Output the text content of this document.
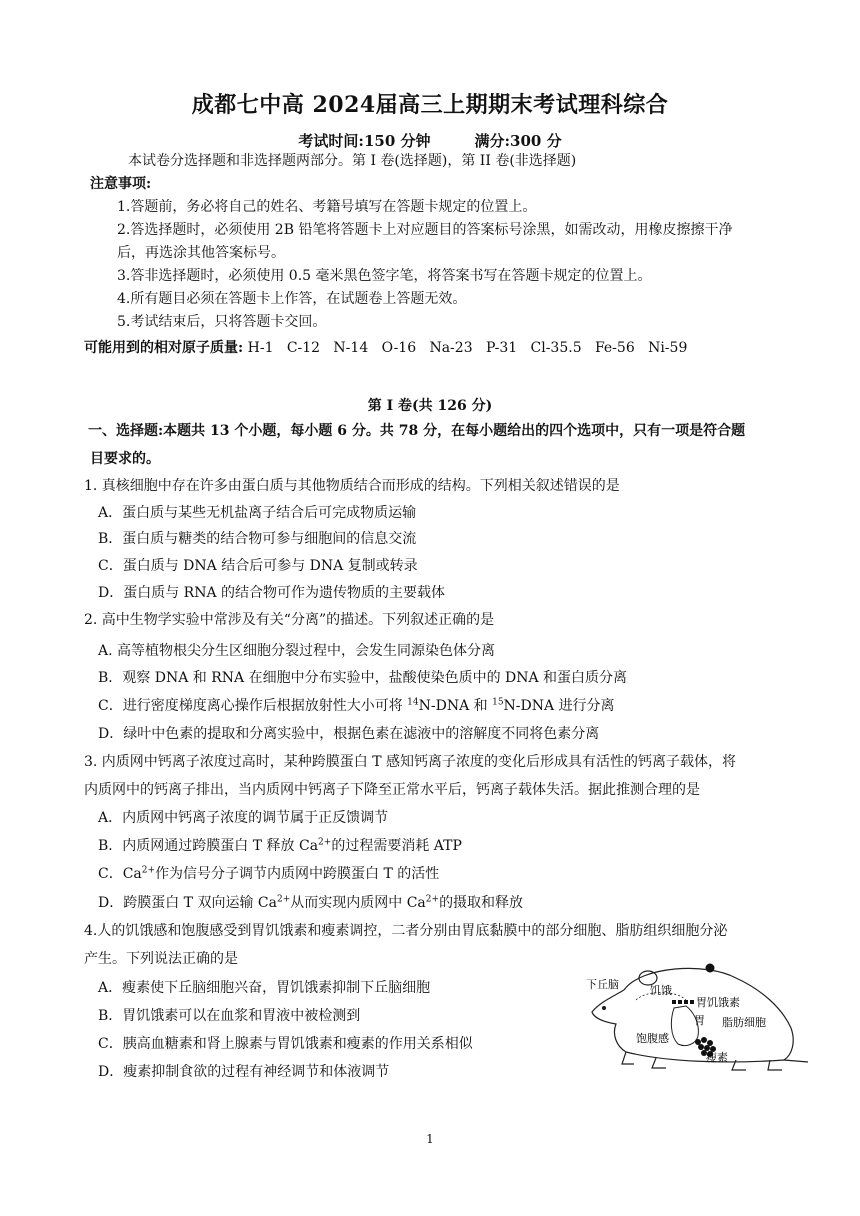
成都七中高 2024届高三上期期末考试理科综合
考试时间:150 分钟	满分:300 分
本试卷分选择题和非选择题两部分。第 I 卷(选择题)，第 II 卷(非选择题)
注意事项:
1.答题前，务必将自己的姓名、考籍号填写在答题卡规定的位置上。
2.答选择题时，必须使用 2B 铅笔将答题卡上对应题目的答案标号涂黑，如需改动，用橡皮擦擦干净
后，再选涂其他答案标号。
3.答非选择题时，必须使用 0.5 毫米黑色签字笔，将答案书写在答题卡规定的位置上。
4.所有题目必须在答题卡上作答，在试题卷上答题无效。
5.考试结束后，只将答题卡交回。
可能用到的相对原子质量: H-1   C-12   N-14   O-16   Na-23   P-31   Cl-35.5   Fe-56   Ni-59
第 I 卷(共 126 分)
一、选择题:本题共 13 个小题，每小题 6 分。共 78 分，在每小题给出的四个选项中，只有一项是符合题
目要求的。
1. 真核细胞中存在许多由蛋白质与其他物质结合而形成的结构。下列相关叙述错误的是
A．蛋白质与某些无机盐离子结合后可完成物质运输
B．蛋白质与糖类的结合物可参与细胞间的信息交流
C．蛋白质与 DNA 结合后可参与 DNA 复制或转录
D．蛋白质与 RNA 的结合物可作为遗传物质的主要载体
2. 高中生物学实验中常涉及有关“分离”的描述。下列叙述正确的是
A. 高等植物根尖分生区细胞分裂过程中，会发生同源染色体分离
B．观察 DNA 和 RNA 在细胞中分布实验中，盐酸使染色质中的 DNA 和蛋白质分离
C．进行密度梯度离心操作后根据放射性大小可将 $^{14}$N-DNA 和 $^{15}$N-DNA 进行分离
D．绿叶中色素的提取和分离实验中，根据色素在滤液中的溶解度不同将色素分离
3. 内质网中钙离子浓度过高时，某种跨膜蛋白 T 感知钙离子浓度的变化后形成具有活性的钙离子载体，将
内质网中的钙离子排出，当内质网中钙离子下降至正常水平后，钙离子载体失活。据此推测合理的是
A．内质网中钙离子浓度的调节属于正反馈调节
B．内质网通过跨膜蛋白 T 释放 $Ca^{2+}$的过程需要消耗 ATP
C．$Ca^{2+}$作为信号分子调节内质网中跨膜蛋白 T 的活性
D．跨膜蛋白 T 双向运输 $Ca^{2+}$从而实现内质网中 $Ca^{2+}$的摄取和释放
4.人的饥饿感和饱腹感受到胃饥饿素和瘦素调控，二者分别由胃底黏膜中的部分细胞、脂肪组织细胞分泌
产生。下列说法正确的是
A．瘦素使下丘脑细胞兴奋，胃饥饿素抑制下丘脑细胞
B．胃饥饿素可以在血浆和胃液中被检测到
C．胰高血糖素和肾上腺素与胃饥饿素和瘦素的作用关系相似
D．瘦素抑制食欲的过程有神经调节和体液调节
下丘脑	饥饿
胃饥饿素
胃 脂肪细胞
饱腹感
瘦素
1
